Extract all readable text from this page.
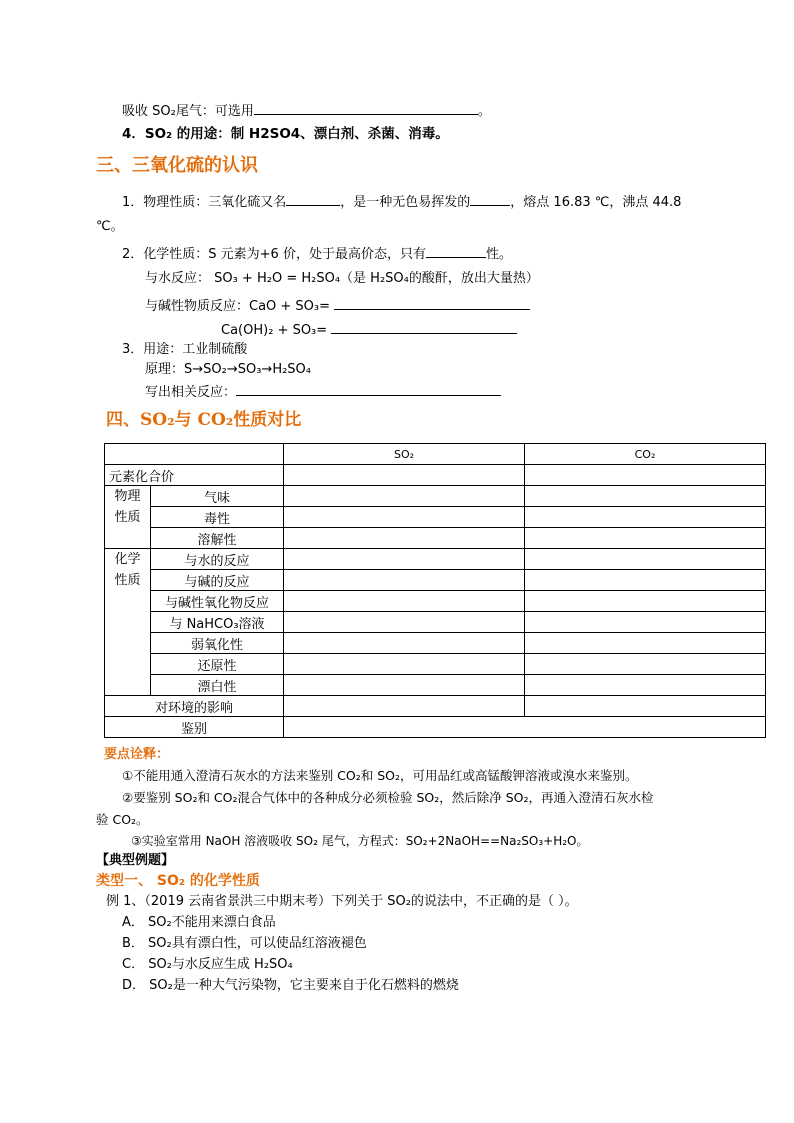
吸收 SO₂尾气：可选用	。
4．SO₂ 的用途：制 H2SO4、漂白剂、杀菌、消毒。
三、三氧化硫的认识
1．物理性质：三氧化硫又名	，是一种无色易挥发的	，熔点 16.83 ℃，沸点 44.8
℃。
2．化学性质：S 元素为+6 价，处于最高价态，只有	性。
与水反应： SO₃ + H₂O = H₂SO₄（是 H₂SO₄的酸酐，放出大量热）
与碱性物质反应：CaO + SO₃=
Ca(OH)₂ + SO₃=
3．用途：工业制硫酸
原理：S→SO₂→SO₃→H₂SO₄
写出相关反应：
四、SO₂与 CO₂性质对比
		SO₂	CO₂
元素化合价			
物理
性质	气味		
	毒性		
	溶解性		
化学
性质	与水的反应		
	与碱的反应		
	与碱性氧化物反应		
	与 NaHCO₃溶液		
	弱氧化性		
	还原性		
	漂白性		
对环境的影响			
鉴别			
要点诠释：
①不能用通入澄清石灰水的方法来鉴别 CO₂和 SO₂，可用品红或高锰酸钾溶液或溴水来鉴别。
②要鉴别 SO₂和 CO₂混合气体中的各种成分必须检验 SO₂，然后除净 SO₂，再通入澄清石灰水检
验 CO₂。
③实验室常用 NaOH 溶液吸收 SO₂ 尾气，方程式：SO₂+2NaOH==Na₂SO₃+H₂O。
【典型例题】
类型一、 SO₂ 的化学性质
例 1、（2019 云南省景洪三中期末考）下列关于 SO₂的说法中，不正确的是（ ）。
A． SO₂不能用来漂白食品
B． SO₂具有漂白性，可以使品红溶液褪色
C． SO₂与水反应生成 H₂SO₄
D． SO₂是一种大气污染物，它主要来自于化石燃料的燃烧
